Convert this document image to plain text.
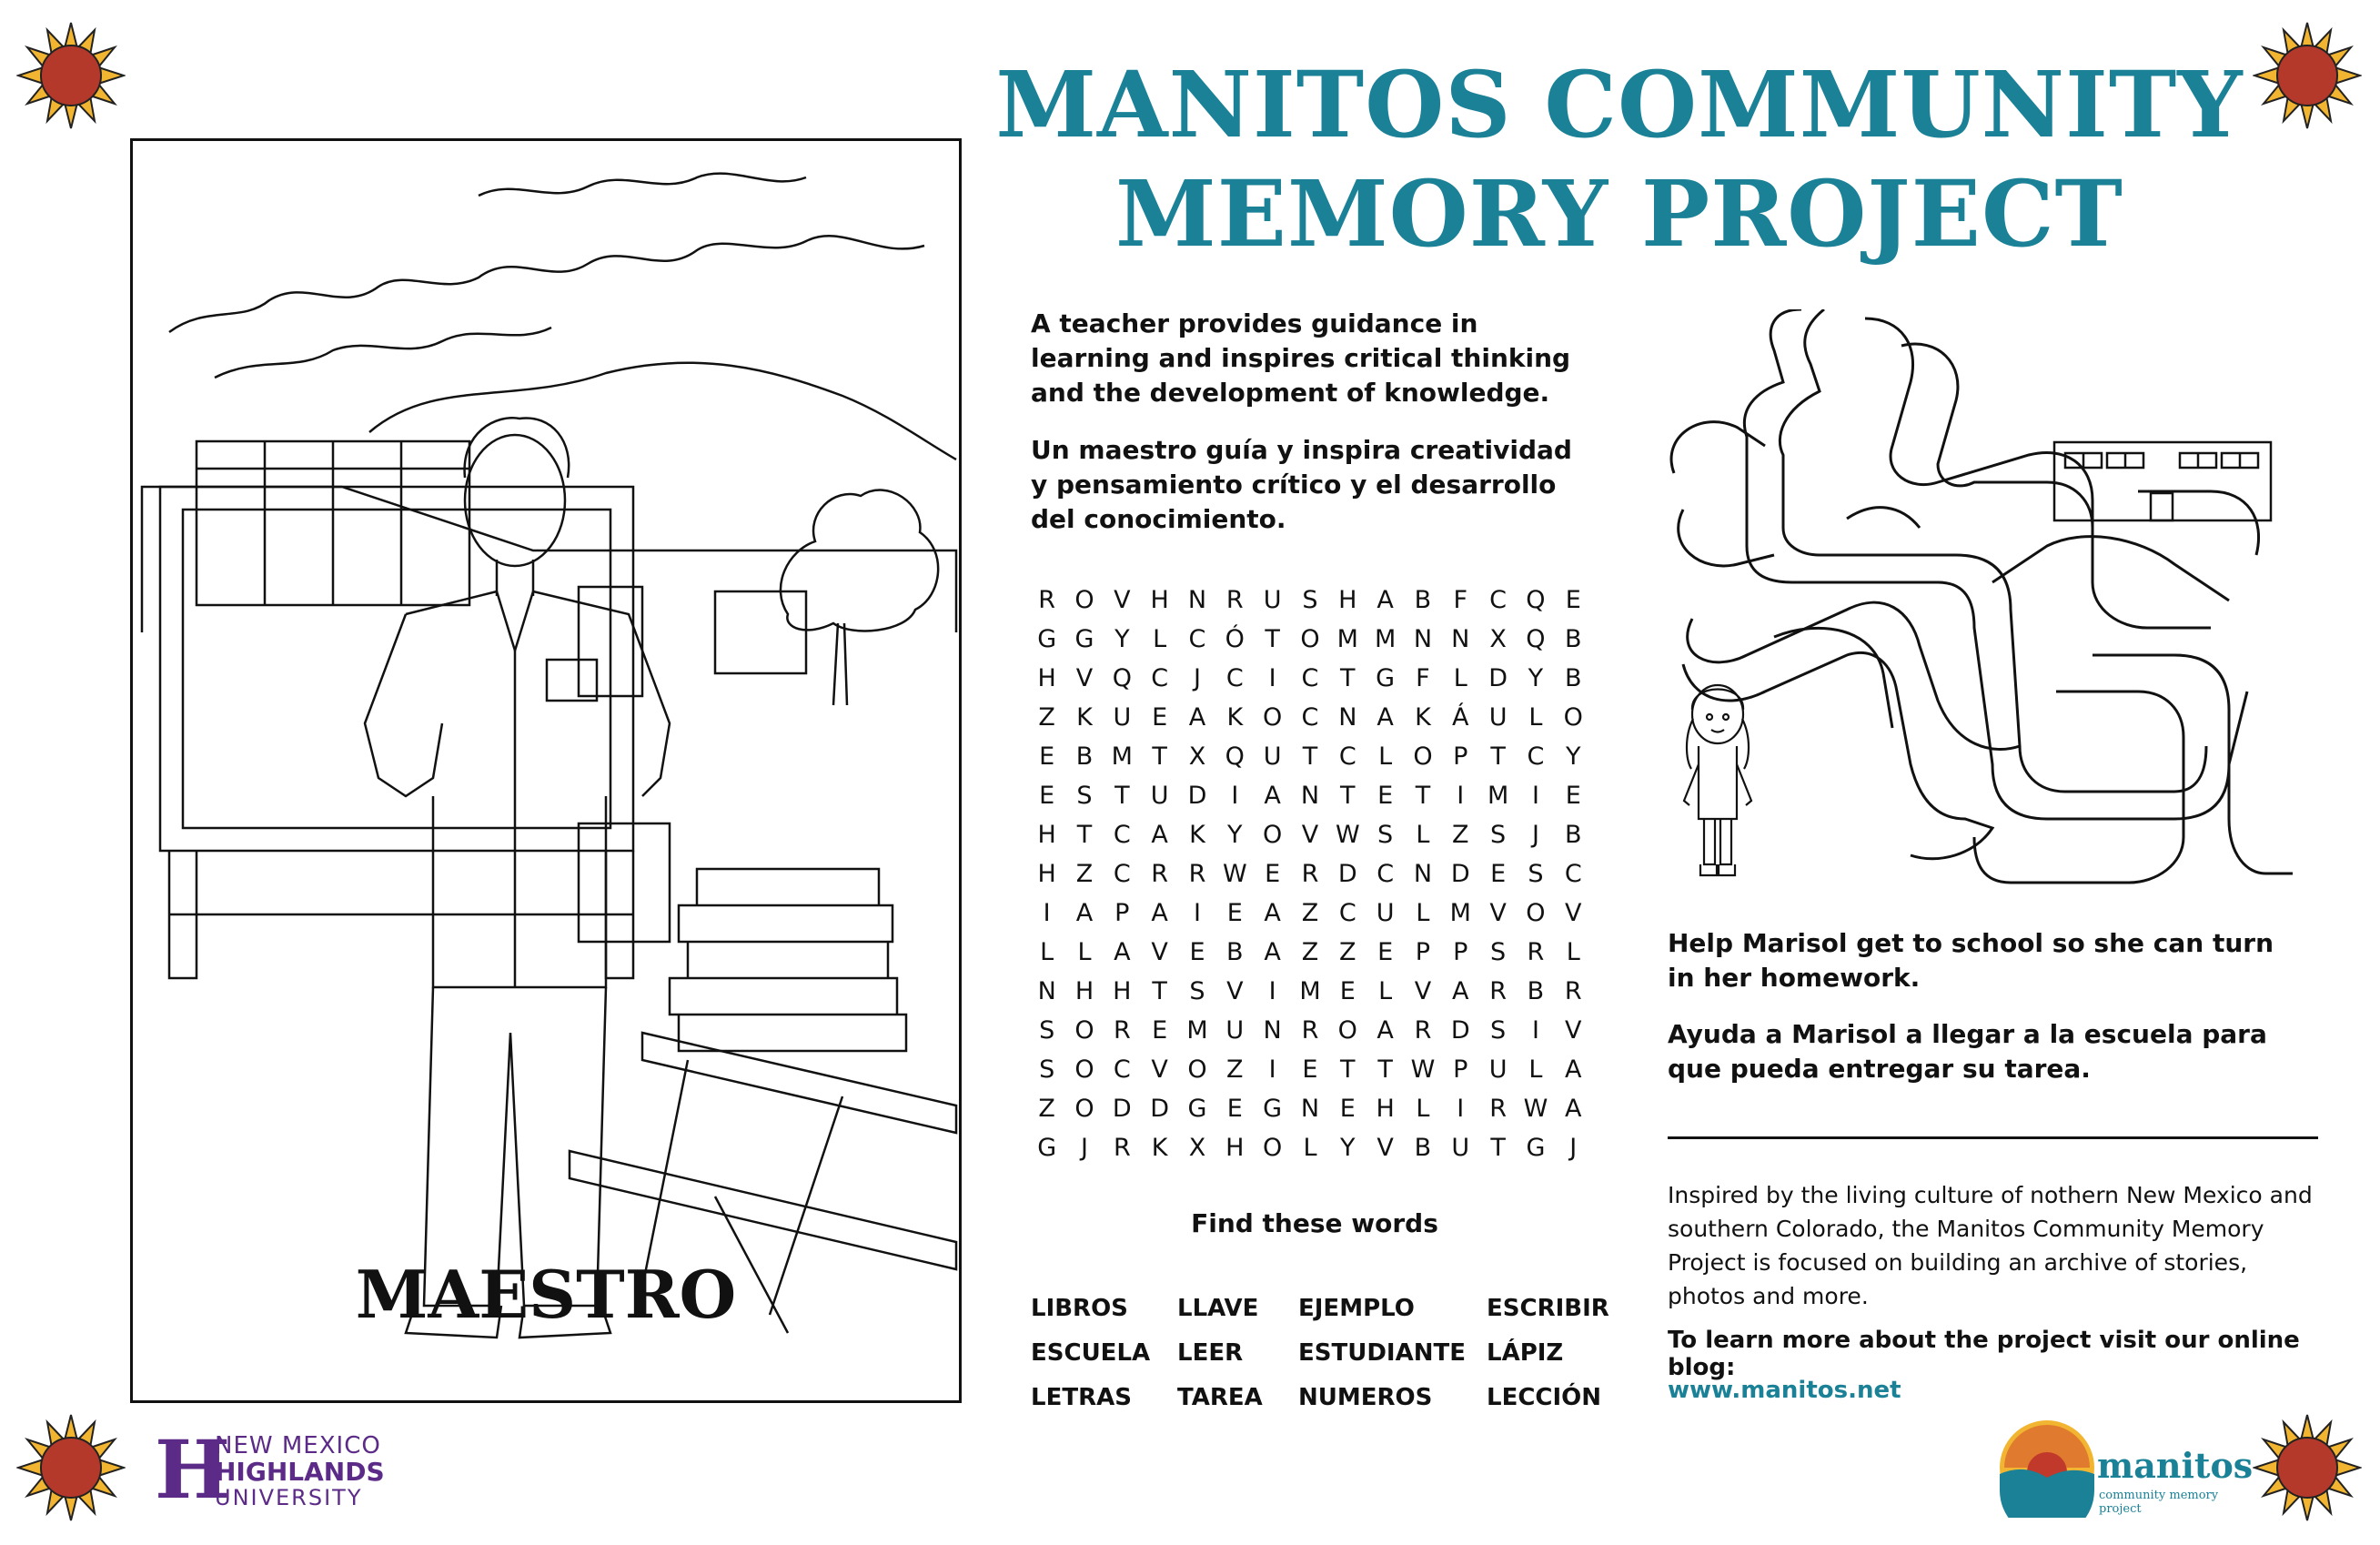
MANITOS COMMUNITY
MEMORY PROJECT
MAESTRO
A teacher provides guidance in learning and inspires critical thinking and the development of knowledge.
Un maestro guía y inspira creatividad y pensamiento crítico y el desarrollo del conocimiento.
R O V H N R U S H A B F C Q E
G G Y L C Ó T O M M N N X Q B
H V Q C	J	C	I	C T G F L D Y B
Z K U E A K O C N A K Á U L O
E B M T X Q U T C L O P T C Y
E S T U D I	A N T E T	I M I	E
H T C A K Y O V W S L Z S	J	B
H Z C R R W E R D C N D E S C
I	A P A	I	E A Z C U L M V O V
L L A V E B A Z Z E P P S R L
N H H T S V	I M E L V A R B R
S O R E M U N R O A R D S	I	V
S O C V O Z	I	E T T W P U L A
Z O D D G E G N E H L	I	R W A
G J	R K X H O L Y V B U T G J
Find these words
LIBROS	LLAVE	EJEMPLO	ESCRIBIR
ESCUELA	LEER	ESTUDIANTE LÁPIZ
LETRAS	TAREA	NUMEROS	LECCIÓN
Help Marisol get to school so she can turn in her homework.
Ayuda a Marisol a llegar a la escuela para que pueda entregar su tarea.
Inspired by the living culture of nothern New Mexico and southern Colorado, the Manitos Community Memory Project is focused on building an archive of stories, photos and more.
To learn more about the project visit our online blog:
www.manitos.net
H
NEW MEXICO
HIGHLANDS
UNIVERSITY
manitos
community memory project
